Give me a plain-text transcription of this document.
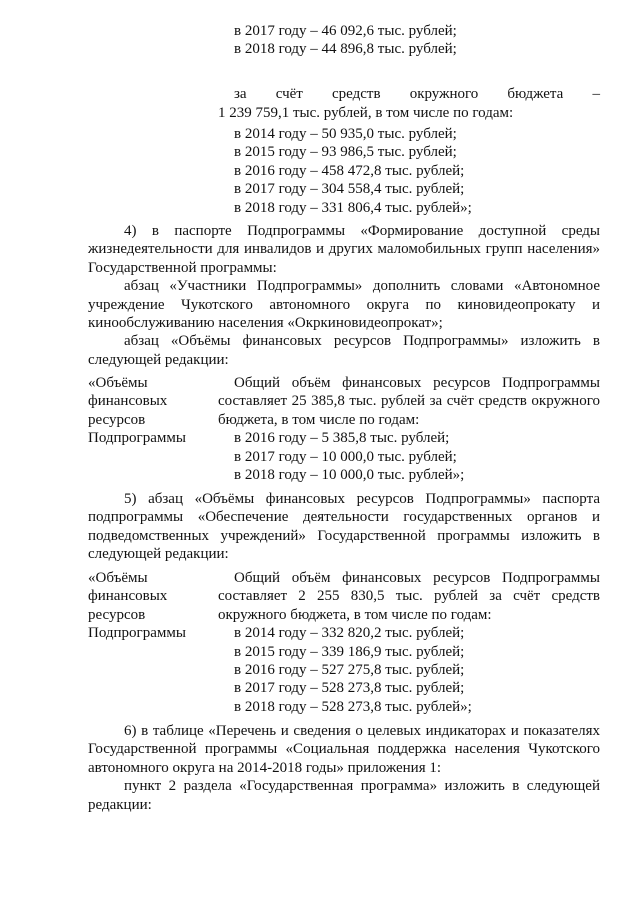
в 2017 году – 46 092,6 тыс. рублей;
в 2018 году – 44 896,8 тыс. рублей;
за счёт средств окружного бюджета –
1 239 759,1 тыс. рублей, в том числе по годам:
в 2014 году – 50 935,0 тыс. рублей;
в 2015 году – 93 986,5 тыс. рублей;
в 2016 году – 458 472,8 тыс. рублей;
в 2017 году – 304 558,4 тыс. рублей;
в 2018 году – 331 806,4 тыс. рублей»;
4) в паспорте Подпрограммы «Формирование доступной среды
жизнедеятельности для инвалидов и других маломобильных групп населения»
Государственной программы:
абзац «Участники Подпрограммы» дополнить словами «Автономное
учреждение Чукотского автономного округа по киновидеопрокату и
кинообслуживанию населения «Окркиновидеопрокат»;
абзац «Объёмы финансовых ресурсов Подпрограммы» изложить в
следующей редакции:
«Объёмы
финансовых
ресурсов
Подпрограммы
Общий объём финансовых ресурсов Подпрограммы
составляет 25 385,8 тыс. рублей за счёт средств окружного
бюджета, в том числе по годам:
в 2016 году – 5 385,8 тыс. рублей;
в 2017 году – 10 000,0 тыс. рублей;
в 2018 году – 10 000,0 тыс. рублей»;
5) абзац «Объёмы финансовых ресурсов Подпрограммы» паспорта
подпрограммы «Обеспечение деятельности государственных органов и
подведомственных учреждений» Государственной программы изложить в
следующей редакции:
«Объёмы
финансовых
ресурсов
Подпрограммы
Общий объём финансовых ресурсов Подпрограммы
составляет 2 255 830,5 тыс. рублей за счёт средств
окружного бюджета, в том числе по годам:
в 2014 году – 332 820,2 тыс. рублей;
в 2015 году – 339 186,9 тыс. рублей;
в 2016 году – 527 275,8 тыс. рублей;
в 2017 году – 528 273,8 тыс. рублей;
в 2018 году – 528 273,8 тыс. рублей»;
6) в таблице «Перечень и сведения о целевых индикаторах и показателях
Государственной программы «Социальная поддержка населения Чукотского
автономного округа на 2014-2018 годы» приложения 1:
пункт 2 раздела «Государственная программа» изложить в следующей
редакции:
